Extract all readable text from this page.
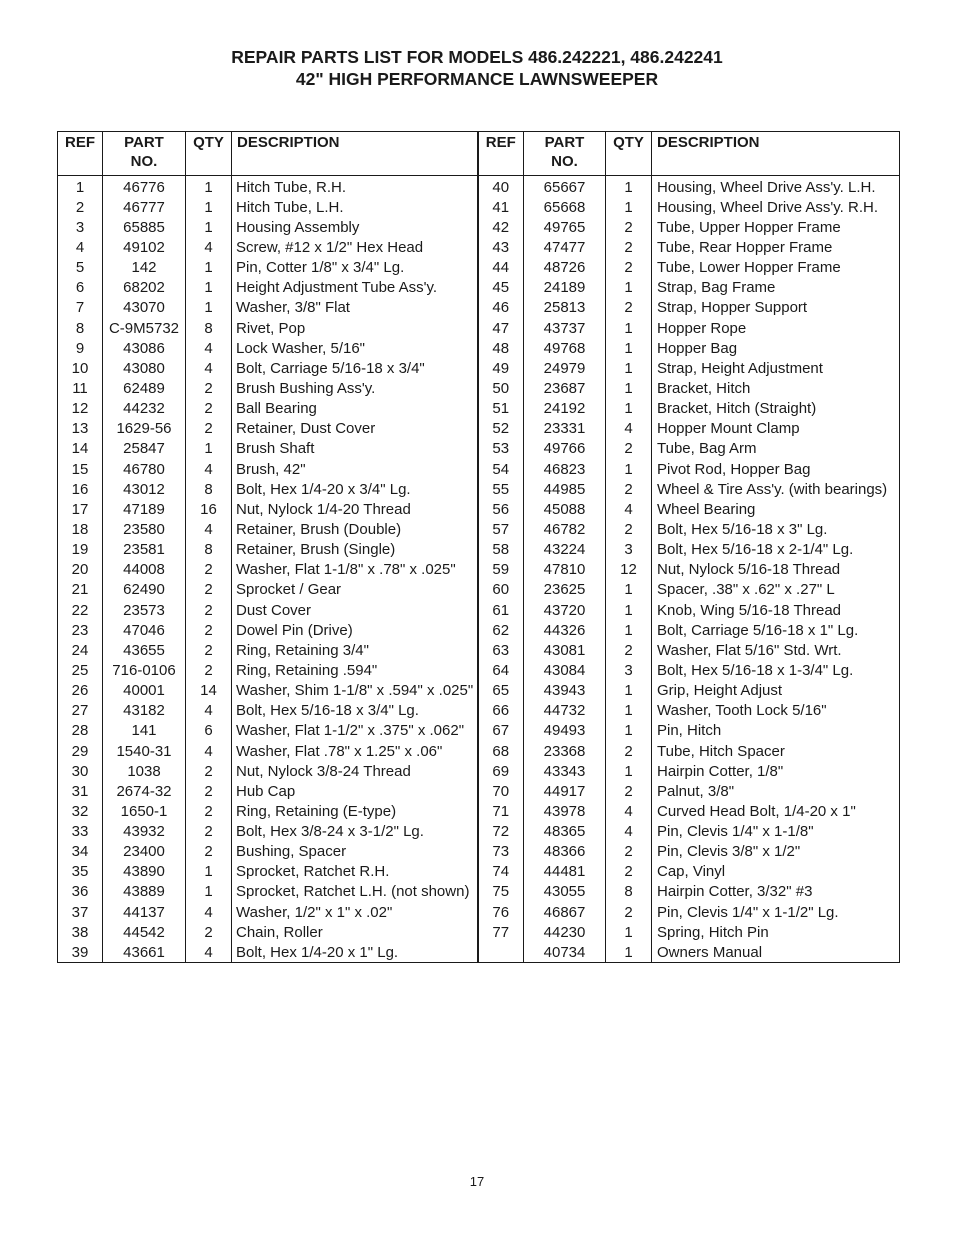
REPAIR PARTS LIST FOR MODELS 486.242221, 486.242241
42" HIGH PERFORMANCE LAWNSWEEPER
REF	PART
NO.	QTY	DESCRIPTION	REF	PART
NO.	QTY	DESCRIPTION
1	46776	1	Hitch Tube, R.H.	40	65667	1	Housing, Wheel Drive Ass'y. L.H.
2	46777	1	Hitch Tube, L.H.	41	65668	1	Housing, Wheel Drive Ass'y. R.H.
3	65885	1	Housing Assembly	42	49765	2	Tube, Upper Hopper Frame
4	49102	4	Screw, #12 x 1/2" Hex Head	43	47477	2	Tube, Rear Hopper Frame
5	142	1	Pin, Cotter 1/8" x 3/4" Lg.	44	48726	2	Tube, Lower Hopper Frame
6	68202	1	Height Adjustment Tube Ass'y.	45	24189	1	Strap, Bag Frame
7	43070	1	Washer, 3/8" Flat	46	25813	2	Strap, Hopper Support
8	C-9M5732	8	Rivet, Pop	47	43737	1	Hopper Rope
9	43086	4	Lock Washer, 5/16"	48	49768	1	Hopper Bag
10	43080	4	Bolt, Carriage 5/16-18 x 3/4"	49	24979	1	Strap, Height Adjustment
11	62489	2	Brush Bushing Ass'y.	50	23687	1	Bracket, Hitch
12	44232	2	Ball Bearing	51	24192	1	Bracket, Hitch (Straight)
13	1629-56	2	Retainer, Dust Cover	52	23331	4	Hopper Mount Clamp
14	25847	1	Brush Shaft	53	49766	2	Tube, Bag Arm
15	46780	4	Brush, 42"	54	46823	1	Pivot Rod, Hopper Bag
16	43012	8	Bolt, Hex 1/4-20 x 3/4" Lg.	55	44985	2	Wheel & Tire Ass'y. (with bearings)
17	47189	16	Nut, Nylock 1/4-20 Thread	56	45088	4	Wheel Bearing
18	23580	4	Retainer, Brush (Double)	57	46782	2	Bolt, Hex 5/16-18 x 3" Lg.
19	23581	8	Retainer, Brush (Single)	58	43224	3	Bolt, Hex 5/16-18 x 2-1/4" Lg.
20	44008	2	Washer, Flat 1-1/8" x .78" x .025"	59	47810	12	Nut, Nylock 5/16-18 Thread
21	62490	2	Sprocket / Gear	60	23625	1	Spacer, .38" x .62" x .27" L
22	23573	2	Dust Cover	61	43720	1	Knob, Wing 5/16-18 Thread
23	47046	2	Dowel Pin (Drive)	62	44326	1	Bolt, Carriage 5/16-18 x 1" Lg.
24	43655	2	Ring, Retaining 3/4"	63	43081	2	Washer, Flat 5/16" Std. Wrt.
25	716-0106	2	Ring, Retaining .594"	64	43084	3	Bolt, Hex 5/16-18 x 1-3/4" Lg.
26	40001	14	Washer, Shim 1-1/8" x .594" x .025"	65	43943	1	Grip, Height Adjust
27	43182	4	Bolt, Hex 5/16-18 x 3/4" Lg.	66	44732	1	Washer, Tooth Lock 5/16"
28	141	6	Washer, Flat 1-1/2" x .375" x .062"	67	49493	1	Pin, Hitch
29	1540-31	4	Washer, Flat .78" x 1.25" x .06"	68	23368	2	Tube, Hitch Spacer
30	1038	2	Nut, Nylock 3/8-24 Thread	69	43343	1	Hairpin Cotter, 1/8"
31	2674-32	2	Hub Cap	70	44917	2	Palnut, 3/8"
32	1650-1	2	Ring, Retaining (E-type)	71	43978	4	Curved Head Bolt, 1/4-20 x 1"
33	43932	2	Bolt, Hex 3/8-24 x 3-1/2" Lg.	72	48365	4	Pin, Clevis 1/4" x 1-1/8"
34	23400	2	Bushing, Spacer	73	48366	2	Pin, Clevis 3/8" x 1/2"
35	43890	1	Sprocket, Ratchet R.H.	74	44481	2	Cap, Vinyl
36	43889	1	Sprocket, Ratchet L.H. (not shown)	75	43055	8	Hairpin Cotter, 3/32" #3
37	44137	4	Washer, 1/2" x 1" x .02"	76	46867	2	Pin, Clevis 1/4" x 1-1/2" Lg.
38	44542	2	Chain, Roller	77	44230	1	Spring, Hitch Pin
39	43661	4	Bolt, Hex 1/4-20 x 1" Lg.		40734	1	Owners Manual
17
